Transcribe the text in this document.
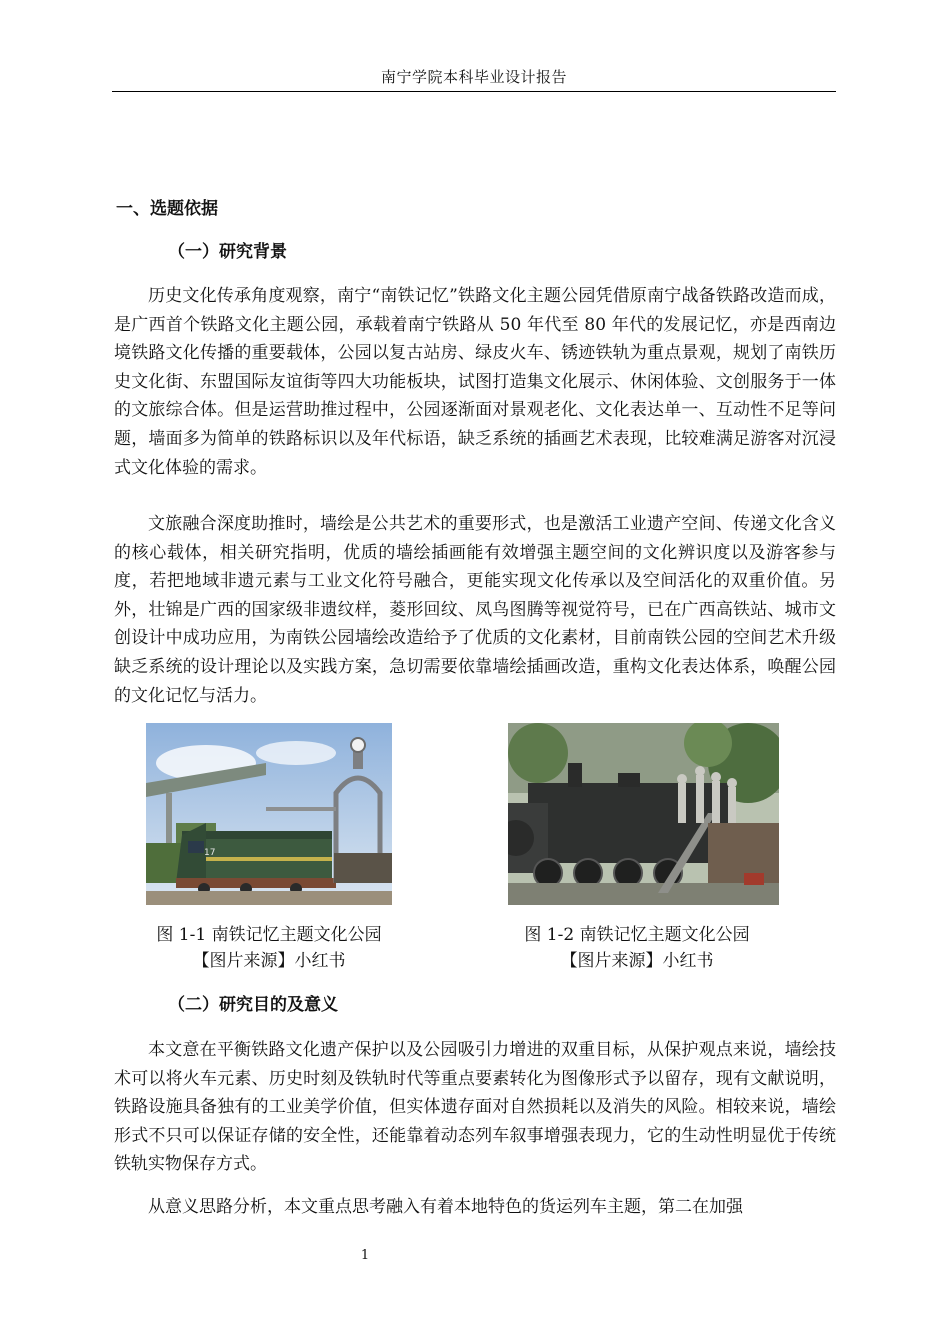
南宁学院本科毕业设计报告
一、选题依据
（一）研究背景

历史文化传承角度观察，南宁“南铁记忆”铁路文化主题公园凭借原南宁战备铁路改造而成，是广西首个铁路文化主题公园，承载着南宁铁路从 50 年代至 80 年代的发展记忆，亦是西南边境铁路文化传播的重要载体，公园以复古站房、绿皮火车、锈迹铁轨为重点景观，规划了南铁历史文化街、东盟国际友谊街等四大功能板块，试图打造集文化展示、休闲体验、文创服务于一体的文旅综合体。但是运营助推过程中，公园逐渐面对景观老化、文化表达单一、互动性不足等问题，墙面多为简单的铁路标识以及年代标语，缺乏系统的插画艺术表现，比较难满足游客对沉浸式文化体验的需求。

文旅融合深度助推时，墙绘是公共艺术的重要形式，也是激活工业遗产空间、传递文化含义的核心载体，相关研究指明，优质的墙绘插画能有效增强主题空间的文化辨识度以及游客参与度，若把地域非遗元素与工业文化符号融合，更能实现文化传承以及空间活化的双重价值。另外，壮锦是广西的国家级非遗纹样，菱形回纹、凤鸟图腾等视觉符号，已在广西高铁站、城市文创设计中成功应用，为南铁公园墙绘改造给予了优质的文化素材，目前南铁公园的空间艺术升级缺乏系统的设计理论以及实践方案，急切需要依靠墙绘插画改造，重构文化表达体系，唤醒公园的文化记忆与活力。

17
图 1-1 南铁记忆主题文化公园
【图片来源】小红书
图 1-2 南铁记忆主题文化公园
【图片来源】小红书
（二）研究目的及意义

本文意在平衡铁路文化遗产保护以及公园吸引力增进的双重目标，从保护观点来说，墙绘技术可以将火车元素、历史时刻及铁轨时代等重点要素转化为图像形式予以留存，现有文献说明，铁路设施具备独有的工业美学价值，但实体遗存面对自然损耗以及消失的风险。相较来说，墙绘形式不只可以保证存储的安全性，还能靠着动态列车叙事增强表现力，它的生动性明显优于传统铁轨实物保存方式。

从意义思路分析，本文重点思考融入有着本地特色的货运列车主题，第二在加强

1
